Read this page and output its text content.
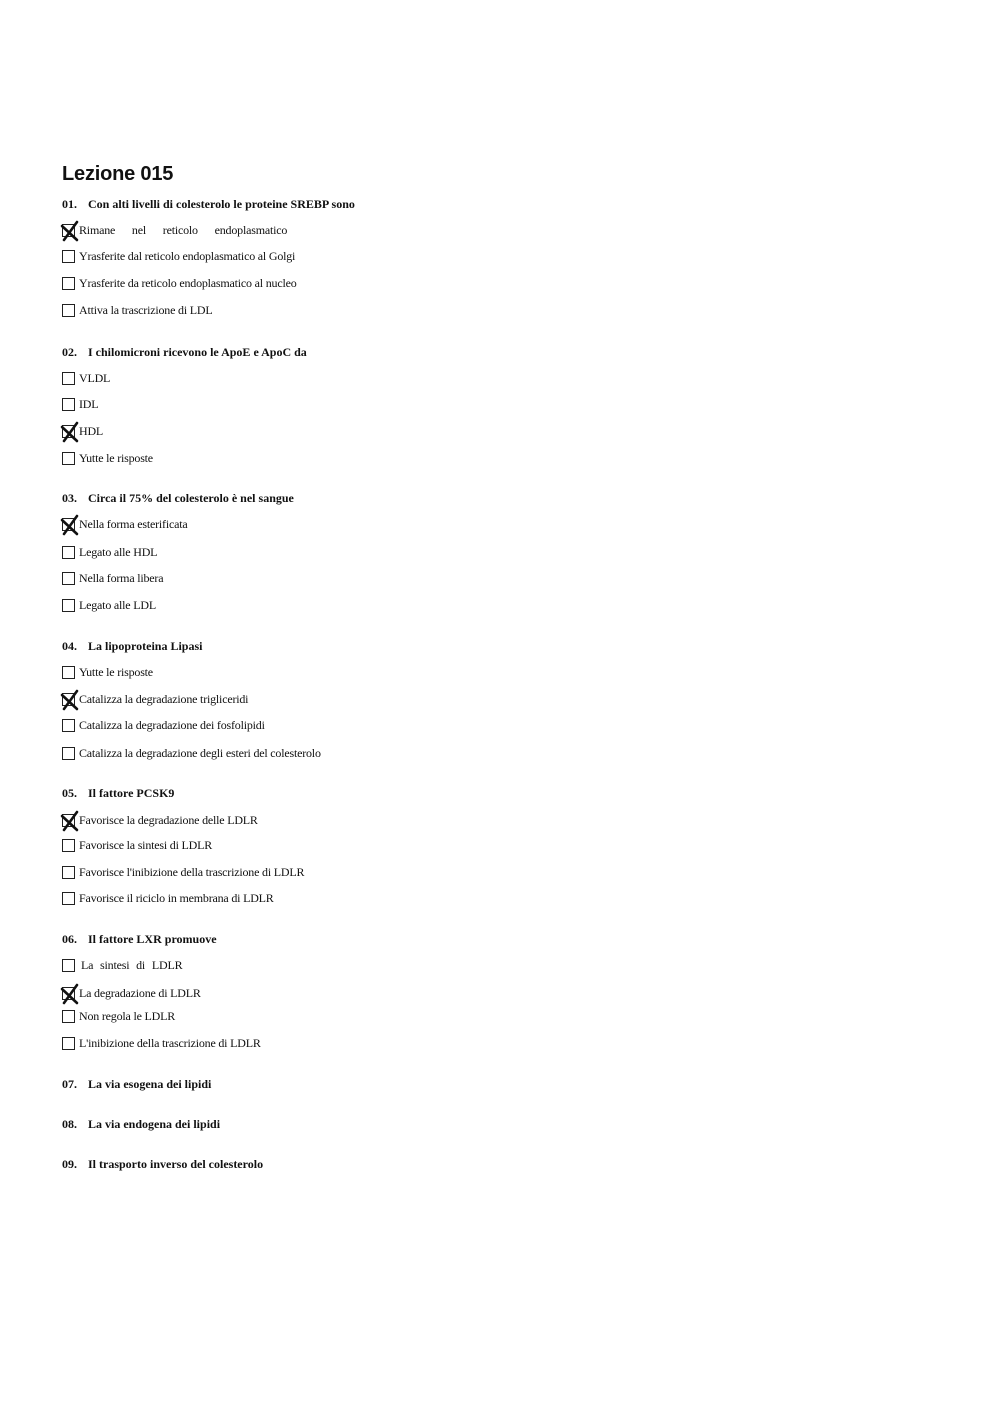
Lezione 015
01. Con alti livelli di colesterolo le proteine SREBP sono
Rimane nel reticolo endoplasmatico
Yrasferite dal reticolo endoplasmatico al Golgi
Yrasferite da reticolo endoplasmatico al nucleo
Attiva la trascrizione di LDL
02. I chilomicroni ricevono le ApoE e ApoC da
VLDL
IDL
HDL
Yutte le risposte
03. Circa il 75% del colesterolo è nel sangue
Nella forma esterificata
Legato alle HDL
Nella forma libera
Legato alle LDL
04. La lipoproteina Lipasi
Yutte le risposte
Catalizza la degradazione trigliceridi
Catalizza la degradazione dei fosfolipidi
Catalizza la degradazione degli esteri del colesterolo
05. Il fattore PCSK9
Favorisce la degradazione delle LDLR
Favorisce la sintesi di LDLR
Favorisce l'inibizione della trascrizione di LDLR
Favorisce il riciclo in membrana di LDLR
06. Il fattore LXR promuove
La sintesi di LDLR
La degradazione di LDLR
Non regola le LDLR
L'inibizione della trascrizione di LDLR
07. La via esogena dei lipidi
08. La via endogena dei lipidi
09. Il trasporto inverso del colesterolo
